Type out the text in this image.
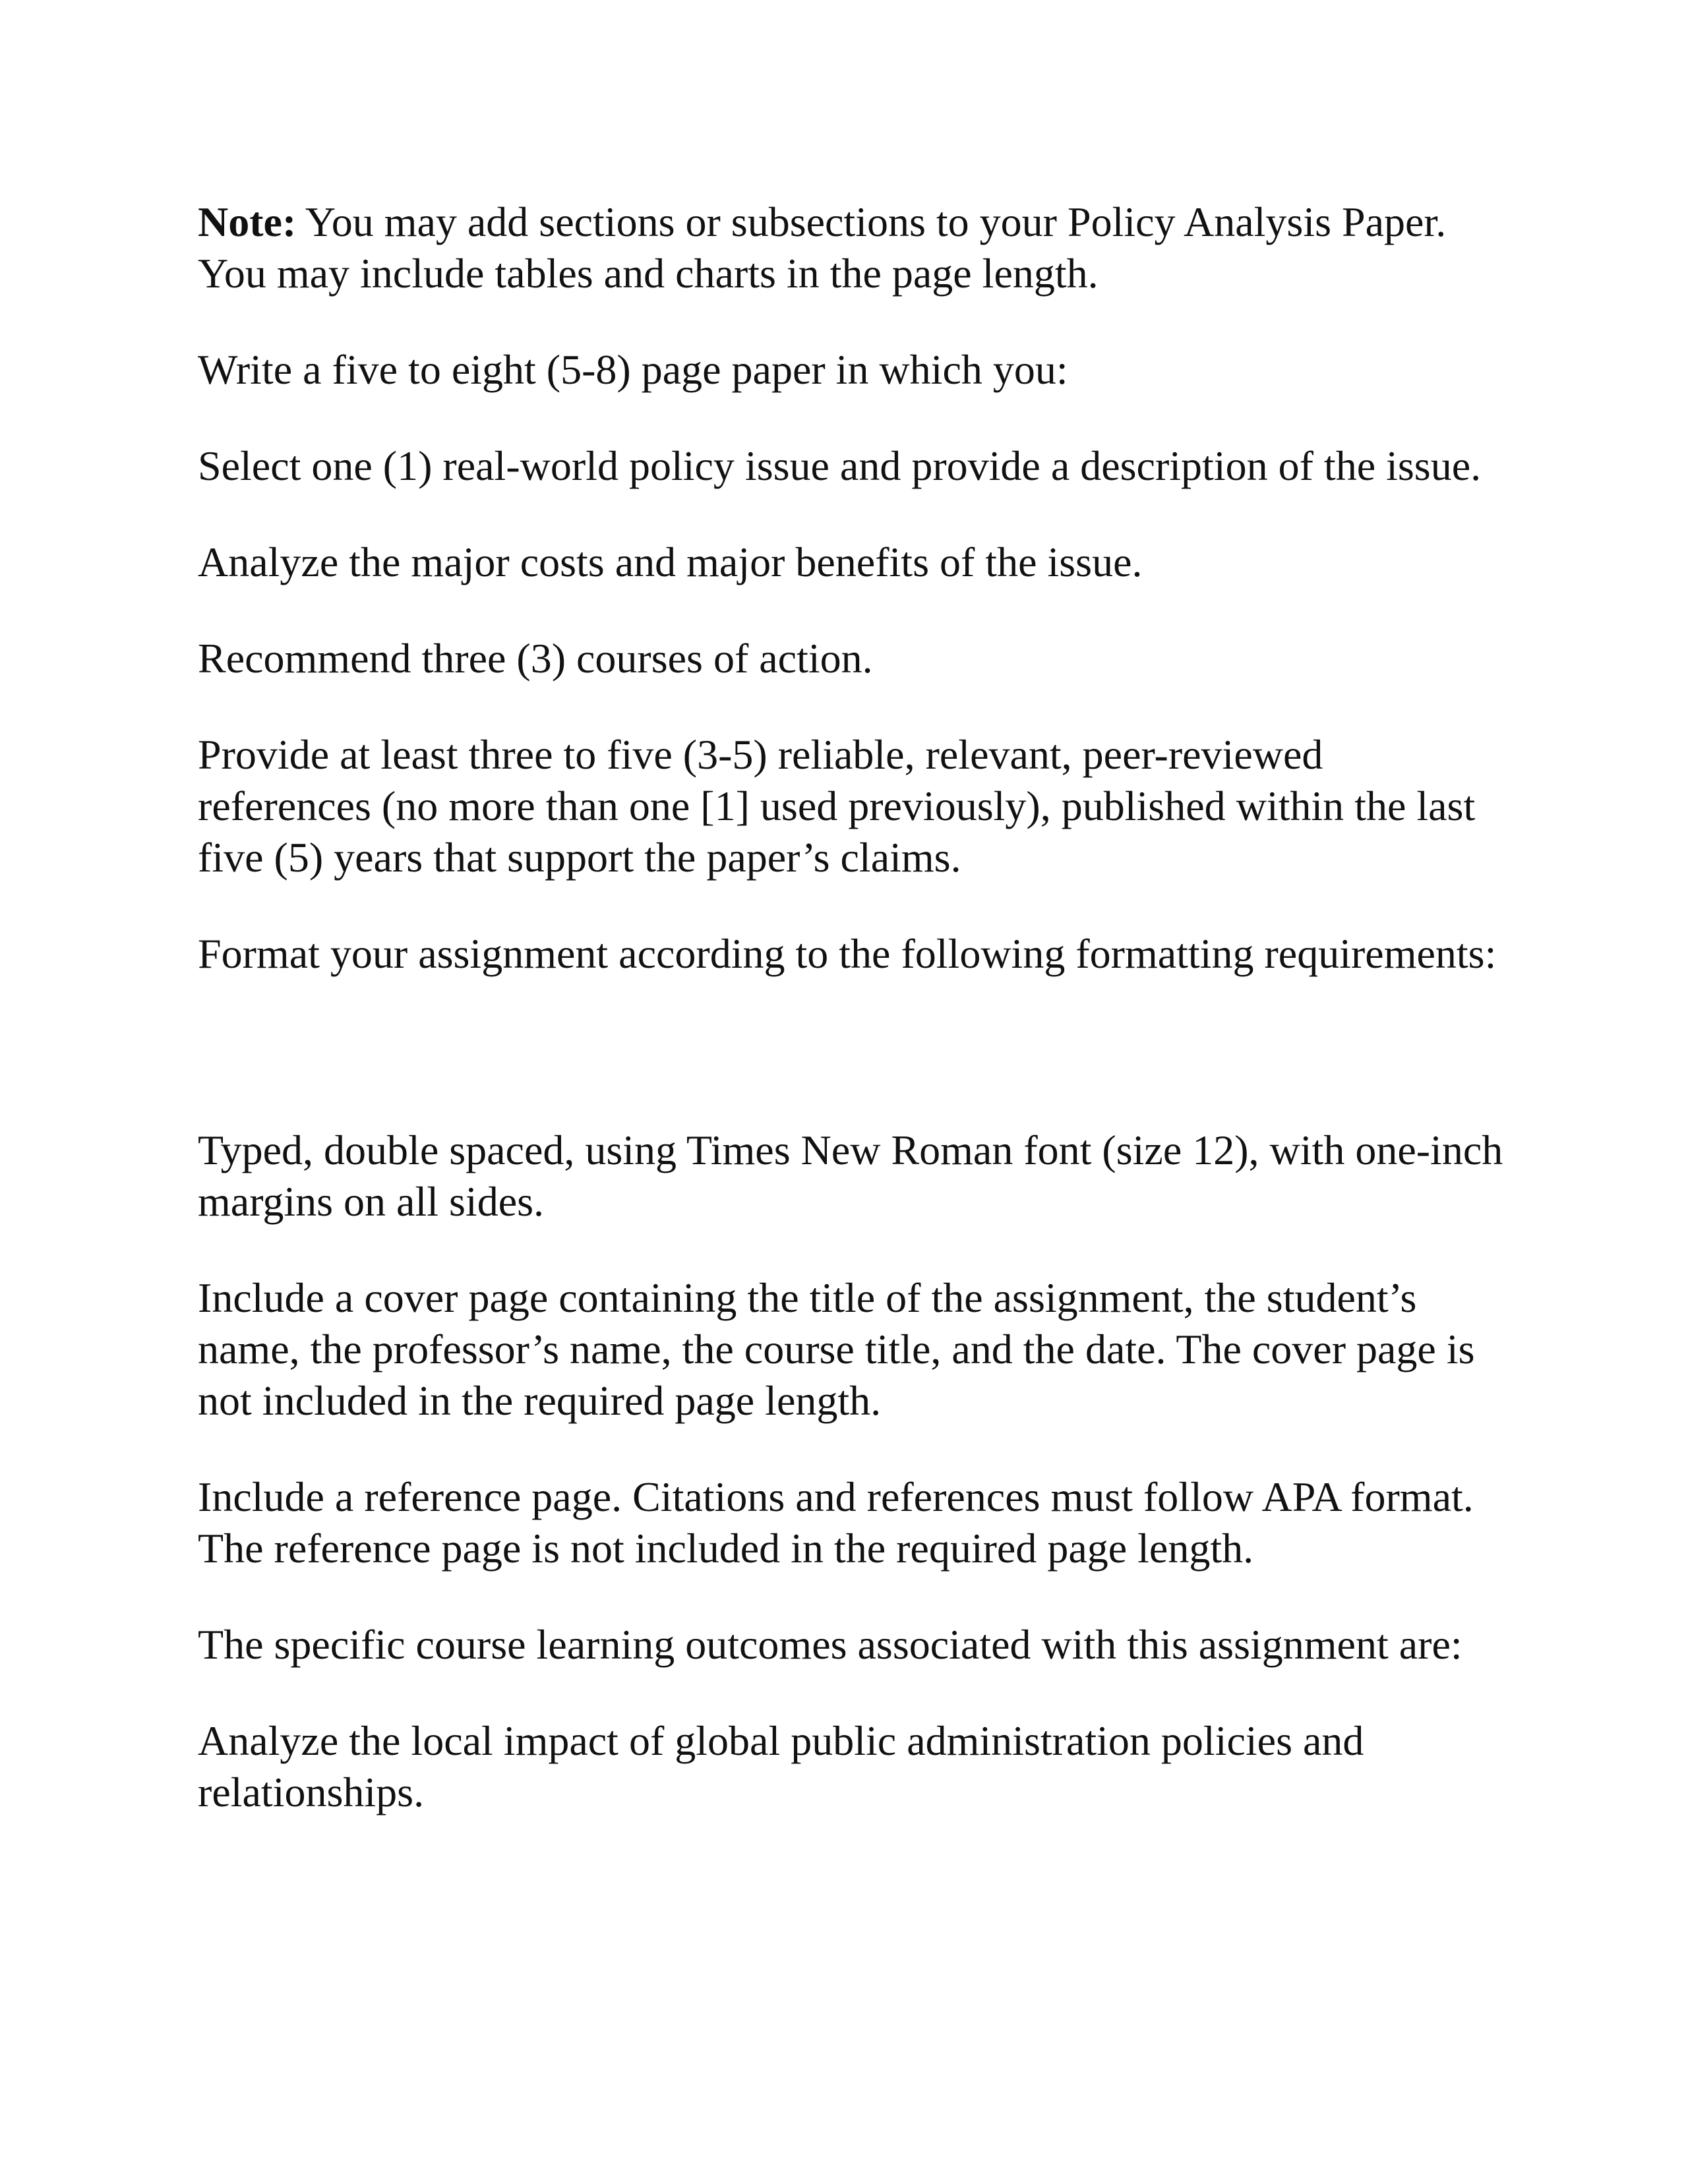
Note: You may add sections or subsections to your Policy Analysis Paper. You may include tables and charts in the page length.

Write a five to eight (5-8) page paper in which you:

Select one (1) real-world policy issue and provide a description of the issue.

Analyze the major costs and major benefits of the issue.

Recommend three (3) courses of action.

Provide at least three to five (3-5) reliable, relevant, peer-reviewed references (no more than one [1] used previously), published within the last five (5) years that support the paper’s claims.

Format your assignment according to the following formatting requirements:

Typed, double spaced, using Times New Roman font (size 12), with one-inch margins on all sides.

Include a cover page containing the title of the assignment, the student’s name, the professor’s name, the course title, and the date. The cover page is not included in the required page length.

Include a reference page. Citations and references must follow APA format. The reference page is not included in the required page length.

The specific course learning outcomes associated with this assignment are:

Analyze the local impact of global public administration policies and relationships.
